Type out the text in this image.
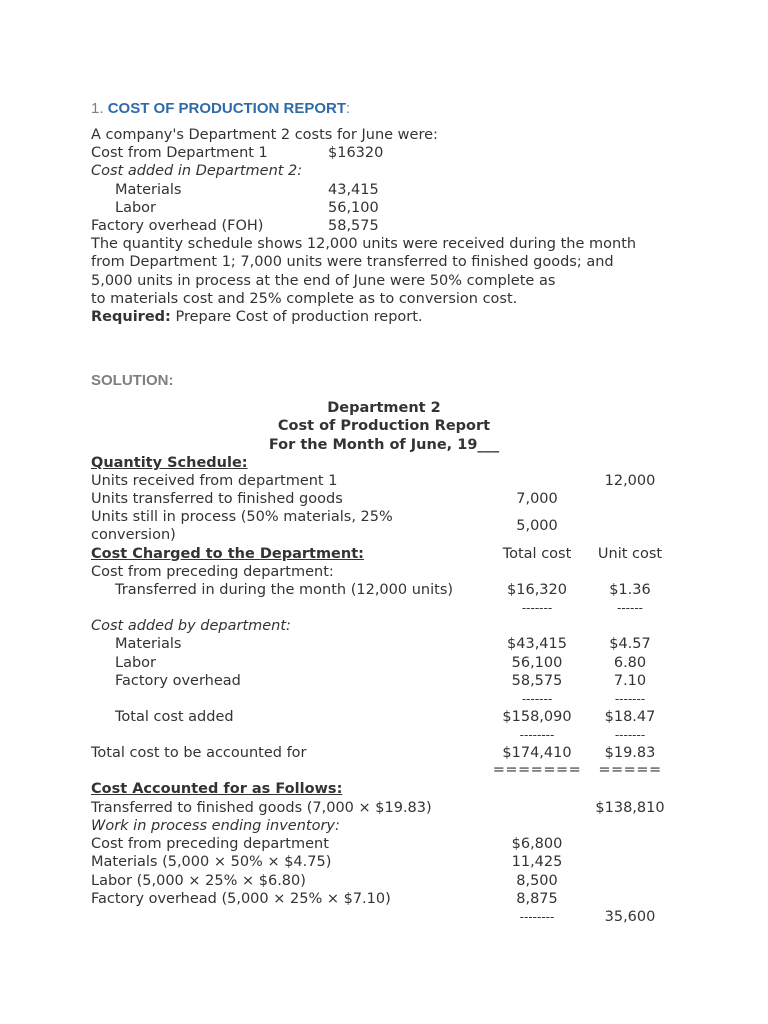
1. COST OF PRODUCTION REPORT:
A company's Department 2 costs for June were:
Cost from Department 1	$16320
Cost added in Department 2:
Materials	43,415
Labor	56,100
Factory overhead (FOH)	58,575
The quantity schedule shows 12,000 units were received during the month
from Department 1; 7,000 units were transferred to finished goods; and
5,000 units in process at the end of June were 50% complete as
to materials cost and 25% complete as to conversion cost.
Required: Prepare Cost of production report.
SOLUTION:
Department 2
Cost of Production Report
For the Month of June, 19___
Quantity Schedule:
Units received from department 1	12,000
Units transferred to finished goods	7,000
Units still in process (50% materials, 25% conversion)
5,000
Cost Charged to the Department:	Total cost	Unit cost
Cost from preceding department:
Transferred in during the month (12,000 units)	$16,320	$1.36
-------	------
Cost added by department:
Materials	$43,415	$4.57
Labor	56,100	6.80
Factory overhead	58,575	7.10
-------	-------
Total cost added	$158,090	$18.47
--------	-------
Total cost to be accounted for	$174,410	$19.83
=======	=====
Cost Accounted for as Follows:
Transferred to finished goods (7,000 × $19.83)	$138,810
Work in process ending inventory:
Cost from preceding department	$6,800
Materials (5,000 × 50% × $4.75)	11,425
Labor (5,000 × 25% × $6.80)	8,500
Factory overhead (5,000 × 25% × $7.10)	8,875
--------	35,600
